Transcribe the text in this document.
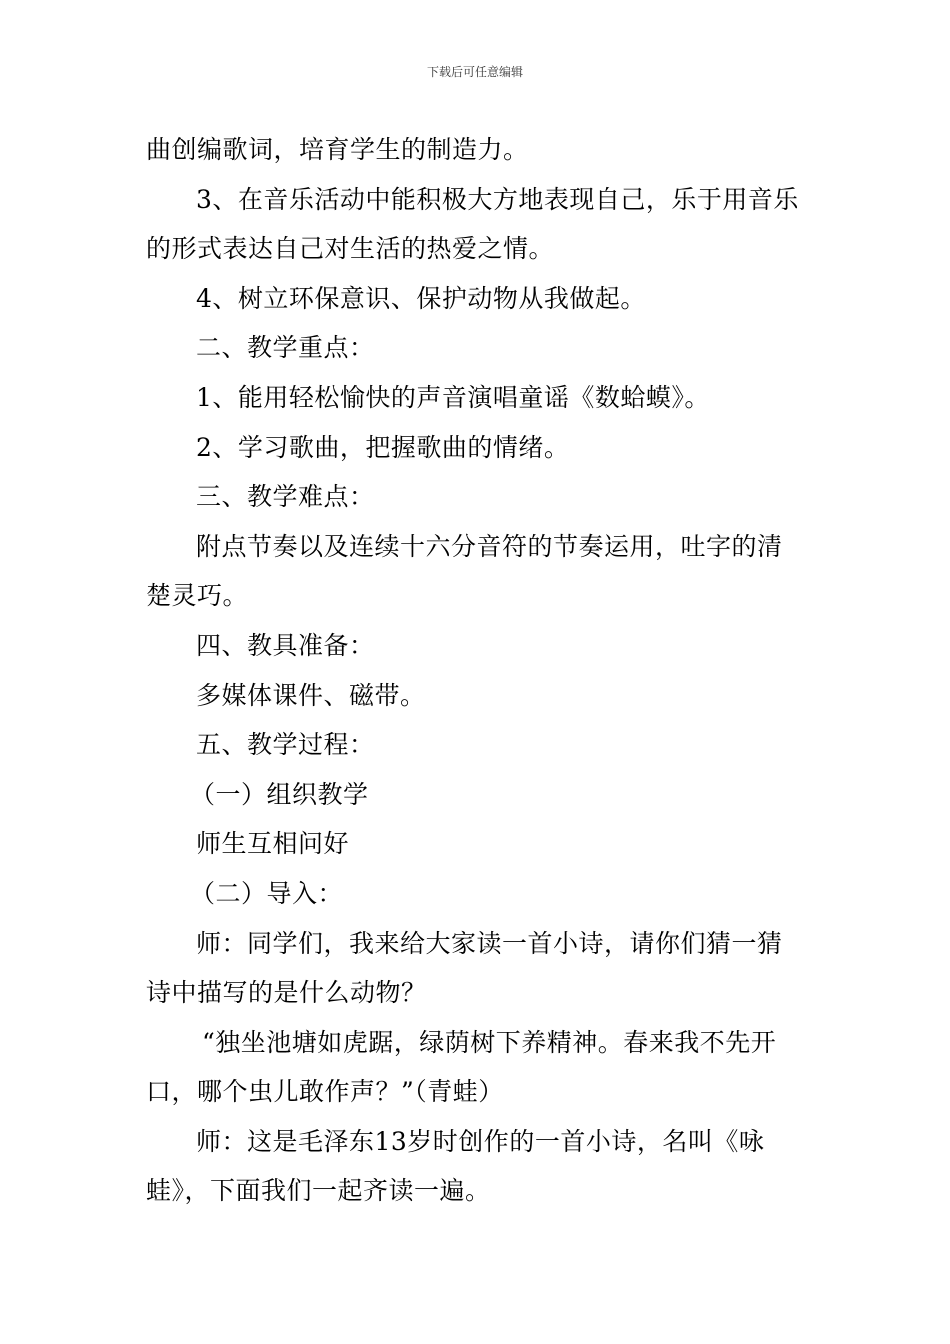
下载后可任意编辑
曲创编歌词，培育学生的制造力。
3、在音乐活动中能积极大方地表现自己，乐于用音乐
的形式表达自己对生活的热爱之情。
4、树立环保意识、保护动物从我做起。
二、教学重点：
1、能用轻松愉快的声音演唱童谣《数蛤蟆》。
2、学习歌曲，把握歌曲的情绪。
三、教学难点：
附点节奏以及连续十六分音符的节奏运用，吐字的清
楚灵巧。
四、教具准备：
多媒体课件、磁带。
五、教学过程：
（一）组织教学
师生互相问好
（二）导入：
师：同学们，我来给大家读一首小诗，请你们猜一猜
诗中描写的是什么动物？
“独坐池塘如虎踞，绿荫树下养精神。春来我不先开
口，哪个虫儿敢作声？”（青蛙）
师：这是毛泽东13岁时创作的一首小诗，名叫《咏
蛙》，下面我们一起齐读一遍。
